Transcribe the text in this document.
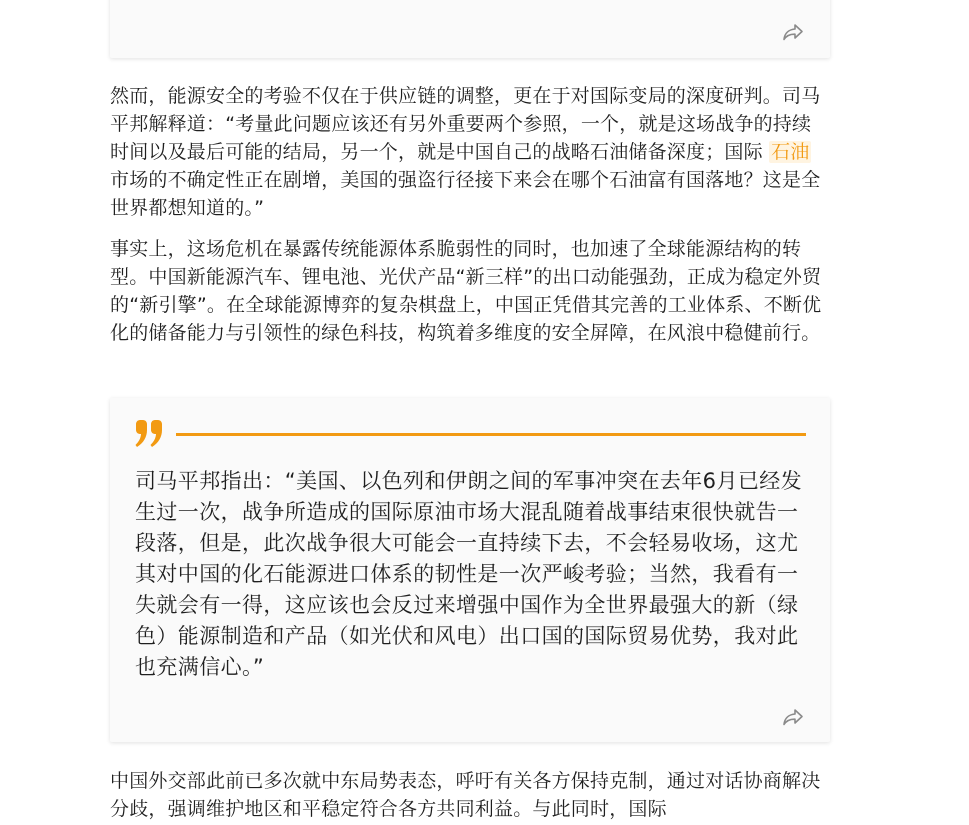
然而，能源安全的考验不仅在于供应链的调整，更在于对国际变局的深度研判。司马平邦解释道：“考量此问题应该还有另外重要两个参照，一个，就是这场战争的持续时间以及最后可能的结局，另一个，就是中国自己的战略石油储备深度；国际 石油 市场的不确定性正在剧增，美国的强盗行径接下来会在哪个石油富有国落地？这是全世界都想知道的。”

事实上，这场危机在暴露传统能源体系脆弱性的同时，也加速了全球能源结构的转型。中国新能源汽车、锂电池、光伏产品“新三样”的出口动能强劲，正成为稳定外贸的“新引擎”。在全球能源博弈的复杂棋盘上，中国正凭借其完善的工业体系、不断优化的储备能力与引领性的绿色科技，构筑着多维度的安全屏障，在风浪中稳健前行。

司马平邦指出：“美国、以色列和伊朗之间的军事冲突在去年6月已经发生过一次，战争所造成的国际原油市场大混乱随着战事结束很快就告一段落，但是，此次战争很大可能会一直持续下去，不会轻易收场，这尤其对中国的化石能源进口体系的韧性是一次严峻考验；当然，我看有一失就会有一得，这应该也会反过来增强中国作为全世界最强大的新（绿色）能源制造和产品（如光伏和风电）出口国的国际贸易优势，我对此也充满信心。”

中国外交部此前已多次就中东局势表态，呼吁有关各方保持克制，通过对话协商解决分歧，强调维护地区和平稳定符合各方共同利益。与此同时，国际
